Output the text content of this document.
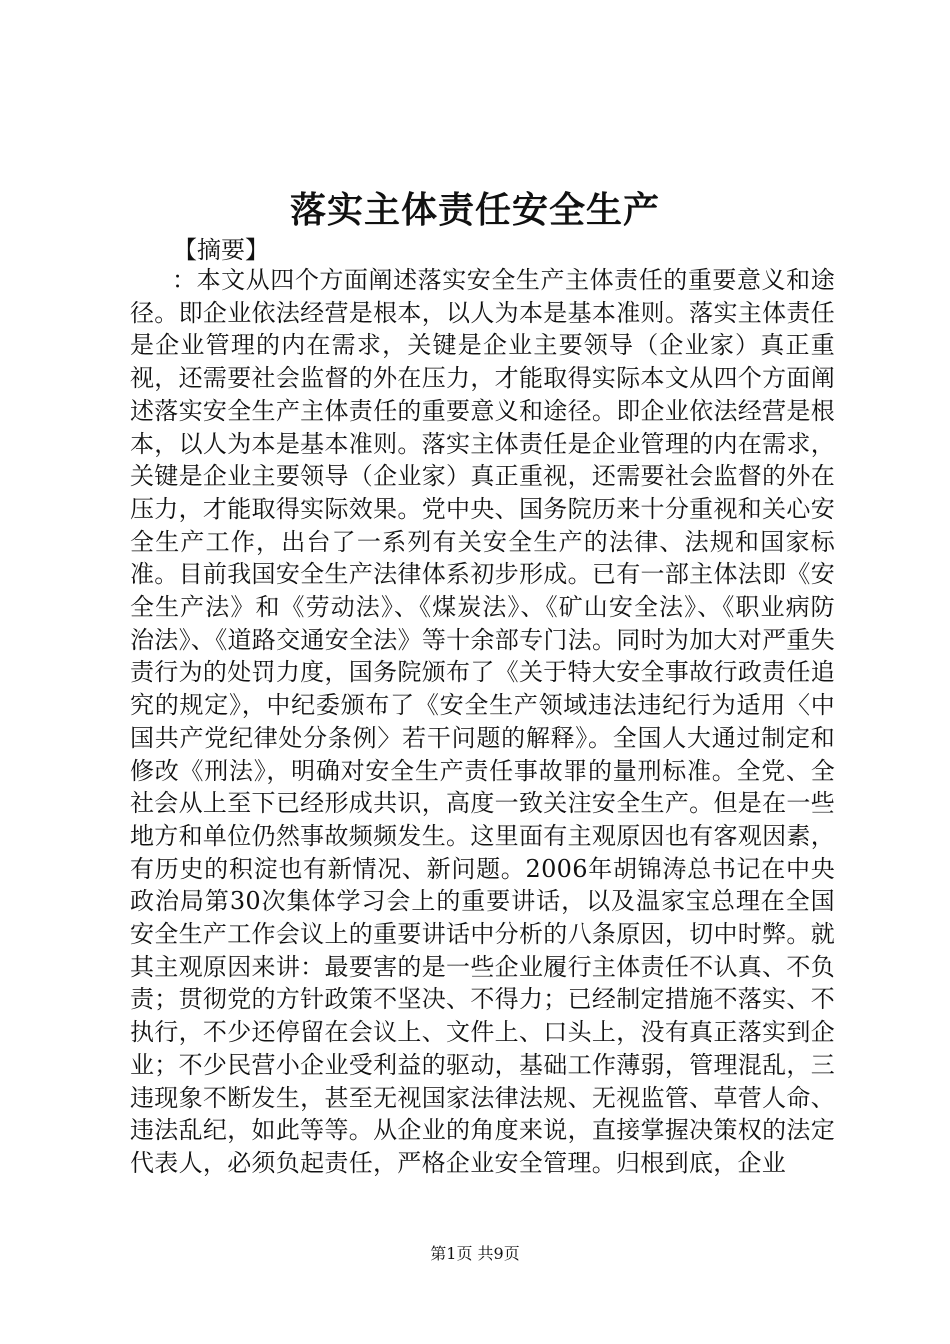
落实主体责任安全生产
【摘要】

：本文从四个方面阐述落实安全生产主体责任的重要意义和途径。即企业依法经营是根本，以人为本是基本准则。落实主体责任是企业管理的内在需求，关键是企业主要领导（企业家）真正重视，还需要社会监督的外在压力，才能取得实际本文从四个方面阐述落实安全生产主体责任的重要意义和途径。即企业依法经营是根本，以人为本是基本准则。落实主体责任是企业管理的内在需求，关键是企业主要领导（企业家）真正重视，还需要社会监督的外在压力，才能取得实际效果。党中央、国务院历来十分重视和关心安全生产工作，出台了一系列有关安全生产的法律、法规和国家标准。目前我国安全生产法律体系初步形成。已有一部主体法即《安全生产法》和《劳动法》、《煤炭法》、《矿山安全法》、《职业病防治法》、《道路交通安全法》等十余部专门法。同时为加大对严重失责行为的处罚力度，国务院颁布了《关于特大安全事故行政责任追究的规定》，中纪委颁布了《安全生产领域违法违纪行为适用〈中国共产党纪律处分条例〉若干问题的解释》。全国人大通过制定和修改《刑法》，明确对安全生产责任事故罪的量刑标准。全党、全社会从上至下已经形成共识，高度一致关注安全生产。但是在一些地方和单位仍然事故频频发生。这里面有主观原因也有客观因素，有历史的积淀也有新情况、新问题。2006年胡锦涛总书记在中央政治局第30次集体学习会上的重要讲话，以及温家宝总理在全国安全生产工作会议上的重要讲话中分析的八条原因，切中时弊。就其主观原因来讲：最要害的是一些企业履行主体责任不认真、不负责；贯彻党的方针政策不坚决、不得力；已经制定措施不落实、不执行，不少还停留在会议上、文件上、口头上，没有真正落实到企业；不少民营小企业受利益的驱动，基础工作薄弱，管理混乱，三违现象不断发生，甚至无视国家法律法规、无视监管、草菅人命、违法乱纪，如此等等。从企业的角度来说，直接掌握决策权的法定代表人，必须负起责任，严格企业安全管理。归根到底，企业

第1页 共9页
